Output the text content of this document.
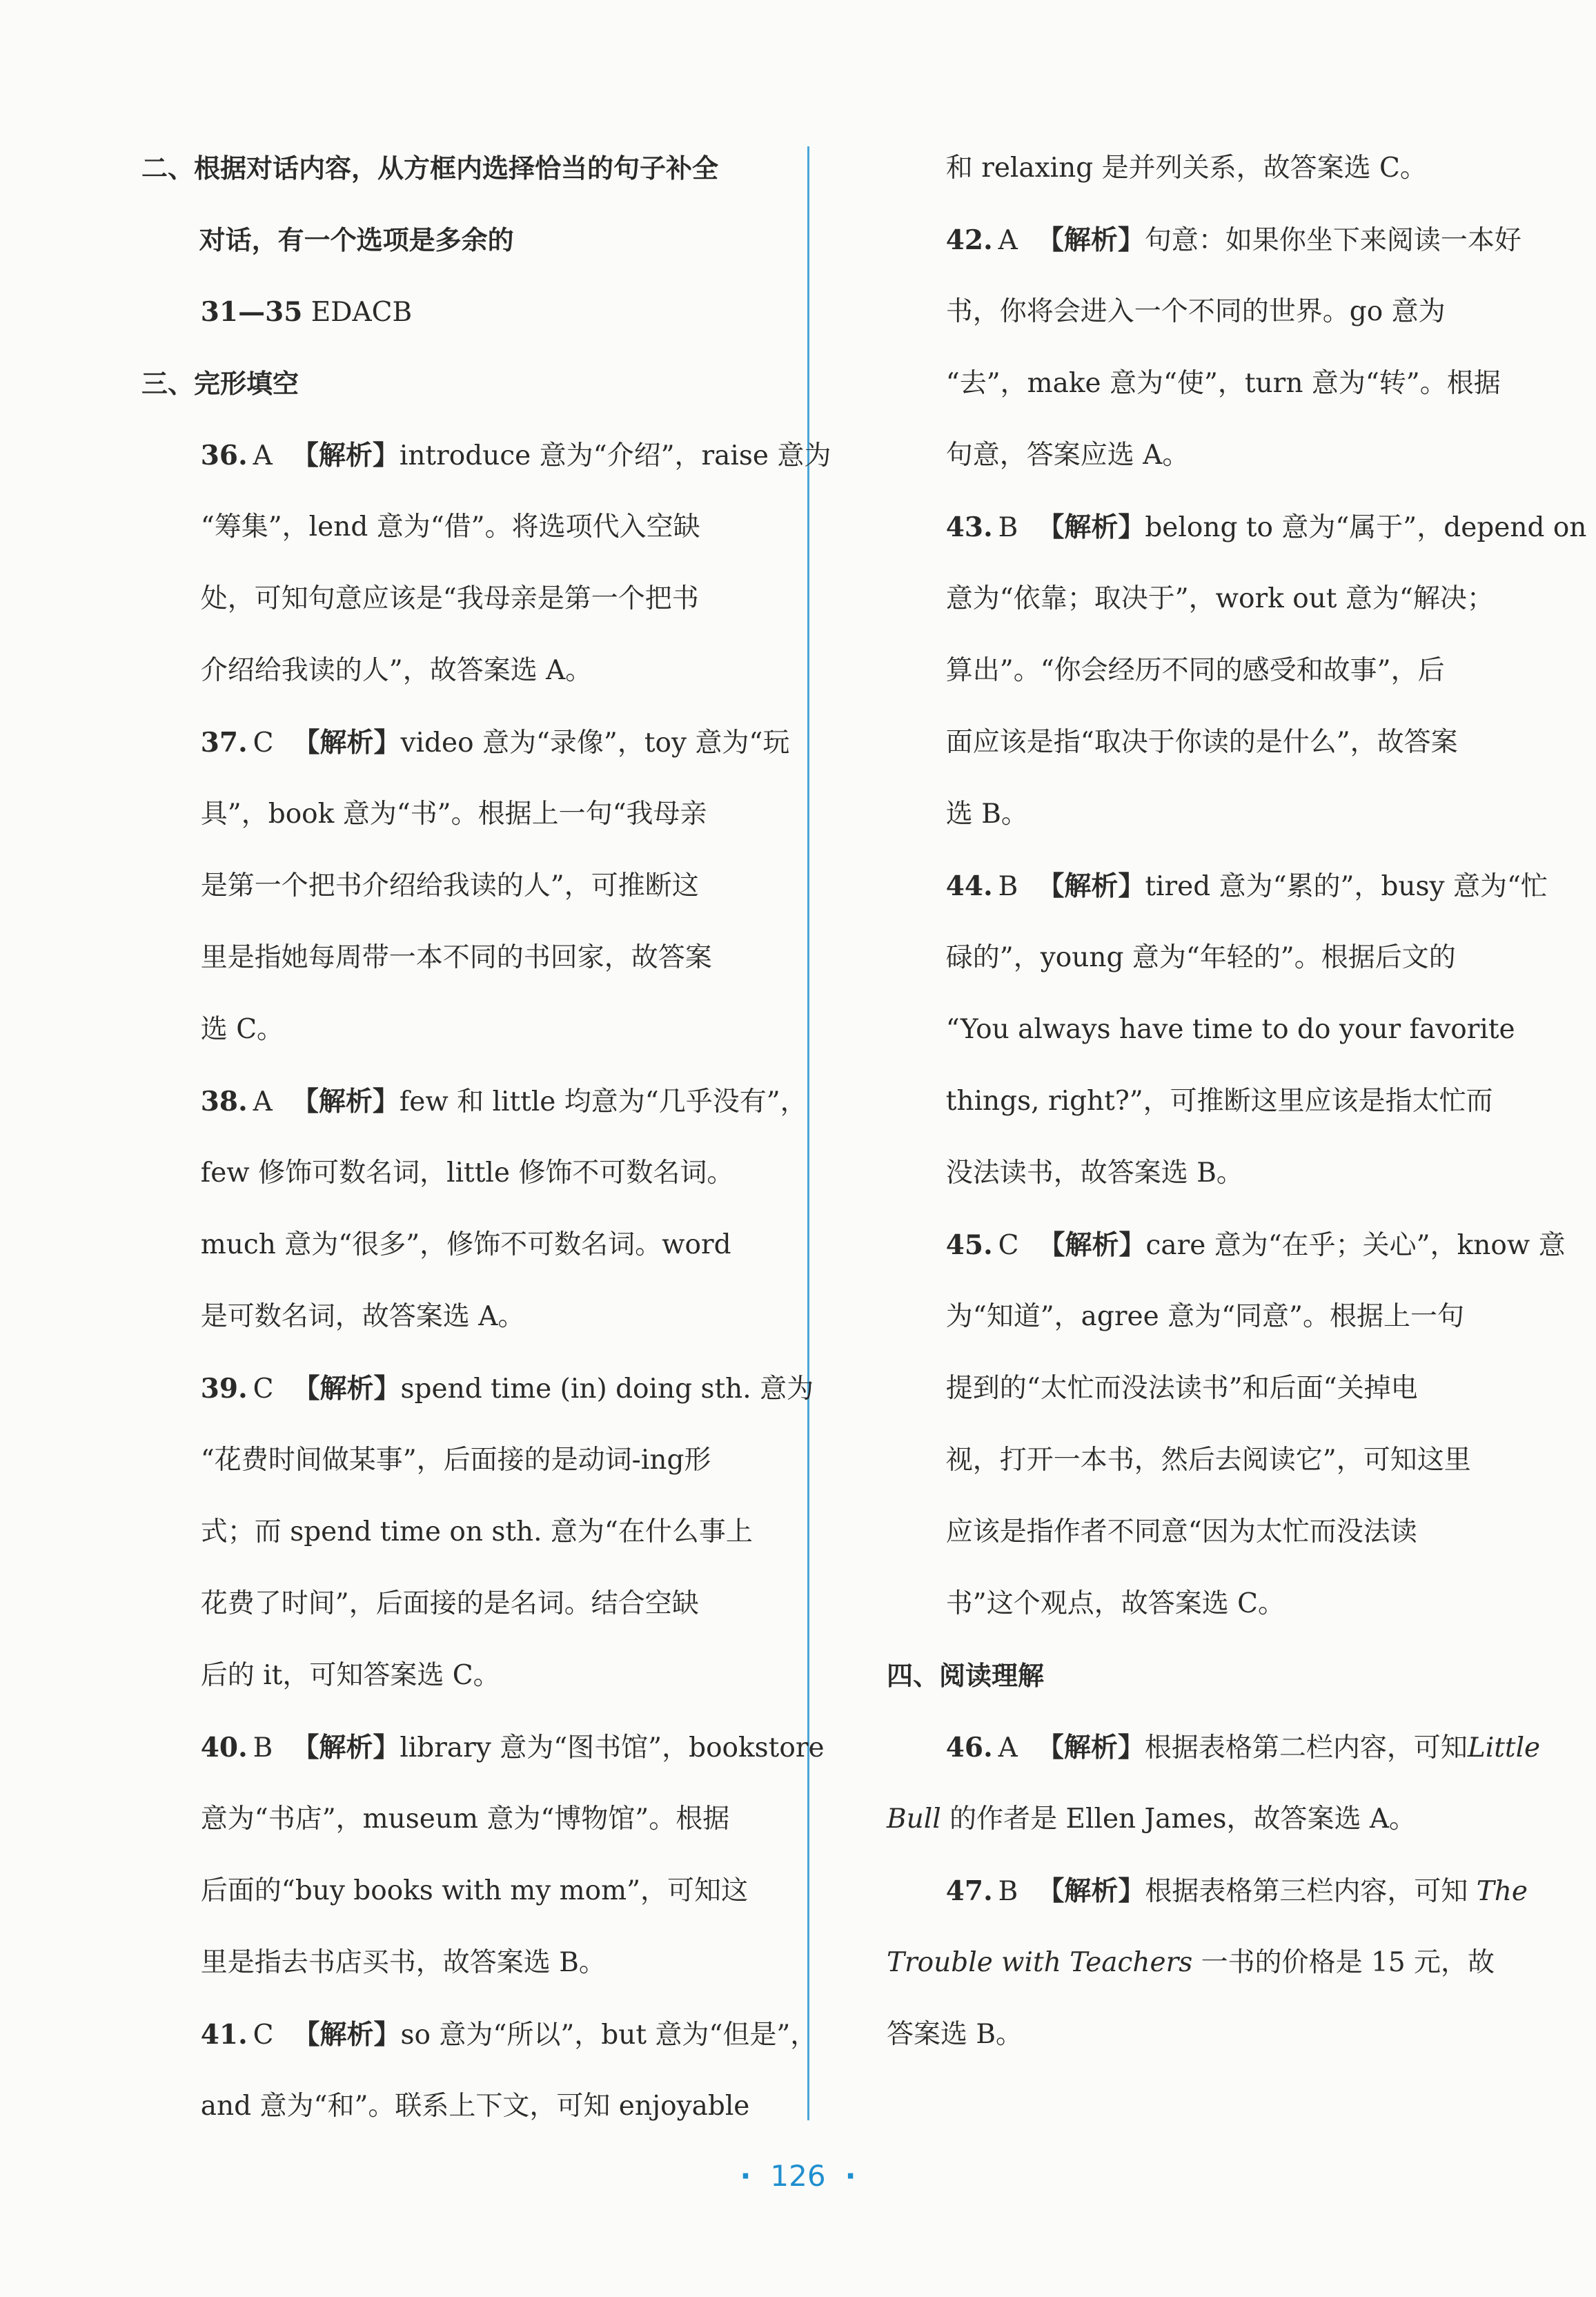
二、根据对话内容，从方框内选择恰当的句子补全
对话，有一个选项是多余的
31—35 EDACB
三、完形填空
36. A 【解析】introduce 意为“介绍”，raise 意为
“筹集”，lend 意为“借”。将选项代入空缺
处，可知句意应该是“我母亲是第一个把书
介绍给我读的人”，故答案选 A。
37. C 【解析】video 意为“录像”，toy 意为“玩
具”，book 意为“书”。根据上一句“我母亲
是第一个把书介绍给我读的人”，可推断这
里是指她每周带一本不同的书回家，故答案
选 C。
38. A 【解析】few 和 little 均意为“几乎没有”，
few 修饰可数名词，little 修饰不可数名词。
much 意为“很多”，修饰不可数名词。word
是可数名词，故答案选 A。
39. C 【解析】spend time (in) doing sth. 意为
“花费时间做某事”，后面接的是动词-ing形
式；而 spend time on sth. 意为“在什么事上
花费了时间”，后面接的是名词。结合空缺
后的 it，可知答案选 C。
40. B 【解析】library 意为“图书馆”，bookstore
意为“书店”，museum 意为“博物馆”。根据
后面的“buy books with my mom”，可知这
里是指去书店买书，故答案选 B。
41. C 【解析】so 意为“所以”，but 意为“但是”，
and 意为“和”。联系上下文，可知 enjoyable
和 relaxing 是并列关系，故答案选 C。
42. A 【解析】句意：如果你坐下来阅读一本好
书，你将会进入一个不同的世界。go 意为
“去”，make 意为“使”，turn 意为“转”。根据
句意，答案应选 A。
43. B 【解析】belong to 意为“属于”，depend on
意为“依靠；取决于”，work out 意为“解决；
算出”。“你会经历不同的感受和故事”，后
面应该是指“取决于你读的是什么”，故答案
选 B。
44. B 【解析】tired 意为“累的”，busy 意为“忙
碌的”，young 意为“年轻的”。根据后文的
“You always have time to do your favorite
things, right?”，可推断这里应该是指太忙而
没法读书，故答案选 B。
45. C 【解析】care 意为“在乎；关心”，know 意
为“知道”，agree 意为“同意”。根据上一句
提到的“太忙而没法读书”和后面“关掉电
视，打开一本书，然后去阅读它”，可知这里
应该是指作者不同意“因为太忙而没法读
书”这个观点，故答案选 C。
四、阅读理解
46. A 【解析】根据表格第二栏内容，可知Little
Bull 的作者是 Ellen James，故答案选 A。
47. B 【解析】根据表格第三栏内容，可知 The
Trouble with Teachers 一书的价格是 15 元，故
答案选 B。
· 126 ·
